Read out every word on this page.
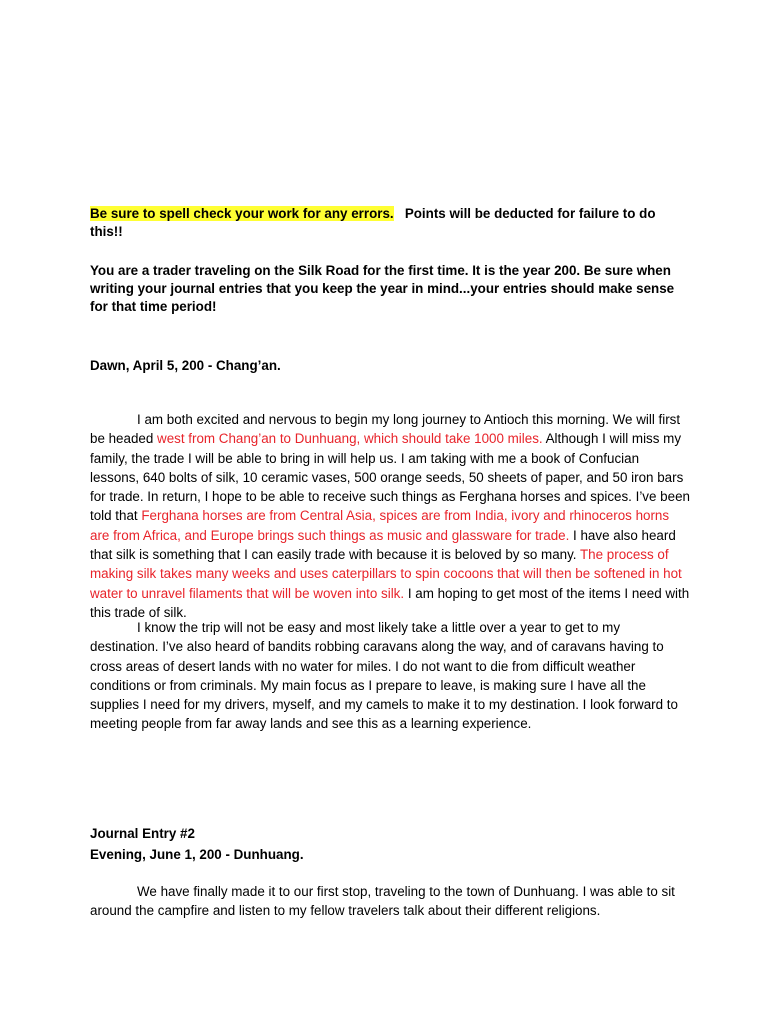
Be sure to spell check your work for any errors. Points will be deducted for failure to do this!!
You are a trader traveling on the Silk Road for the first time. It is the year 200. Be sure when writing your journal entries that you keep the year in mind...your entries should make sense for that time period!
Dawn, April 5, 200 - Chang’an.
I am both excited and nervous to begin my long journey to Antioch this morning. We will first be headed west from Chang’an to Dunhuang, which should take 1000 miles. Although I will miss my family, the trade I will be able to bring in will help us. I am taking with me a book of Confucian lessons, 640 bolts of silk, 10 ceramic vases, 500 orange seeds, 50 sheets of paper, and 50 iron bars for trade. In return, I hope to be able to receive such things as Ferghana horses and spices. I’ve been told that Ferghana horses are from Central Asia, spices are from India, ivory and rhinoceros horns are from Africa, and Europe brings such things as music and glassware for trade. I have also heard that silk is something that I can easily trade with because it is beloved by so many. The process of making silk takes many weeks and uses caterpillars to spin cocoons that will then be softened in hot water to unravel filaments that will be woven into silk. I am hoping to get most of the items I need with this trade of silk.
I know the trip will not be easy and most likely take a little over a year to get to my destination. I’ve also heard of bandits robbing caravans along the way, and of caravans having to cross areas of desert lands with no water for miles. I do not want to die from difficult weather conditions or from criminals. My main focus as I prepare to leave, is making sure I have all the supplies I need for my drivers, myself, and my camels to make it to my destination. I look forward to meeting people from far away lands and see this as a learning experience.
Journal Entry #2
Evening, June 1, 200 - Dunhuang.
We have finally made it to our first stop, traveling to the town of Dunhuang. I was able to sit around the campfire and listen to my fellow travelers talk about their different religions.
